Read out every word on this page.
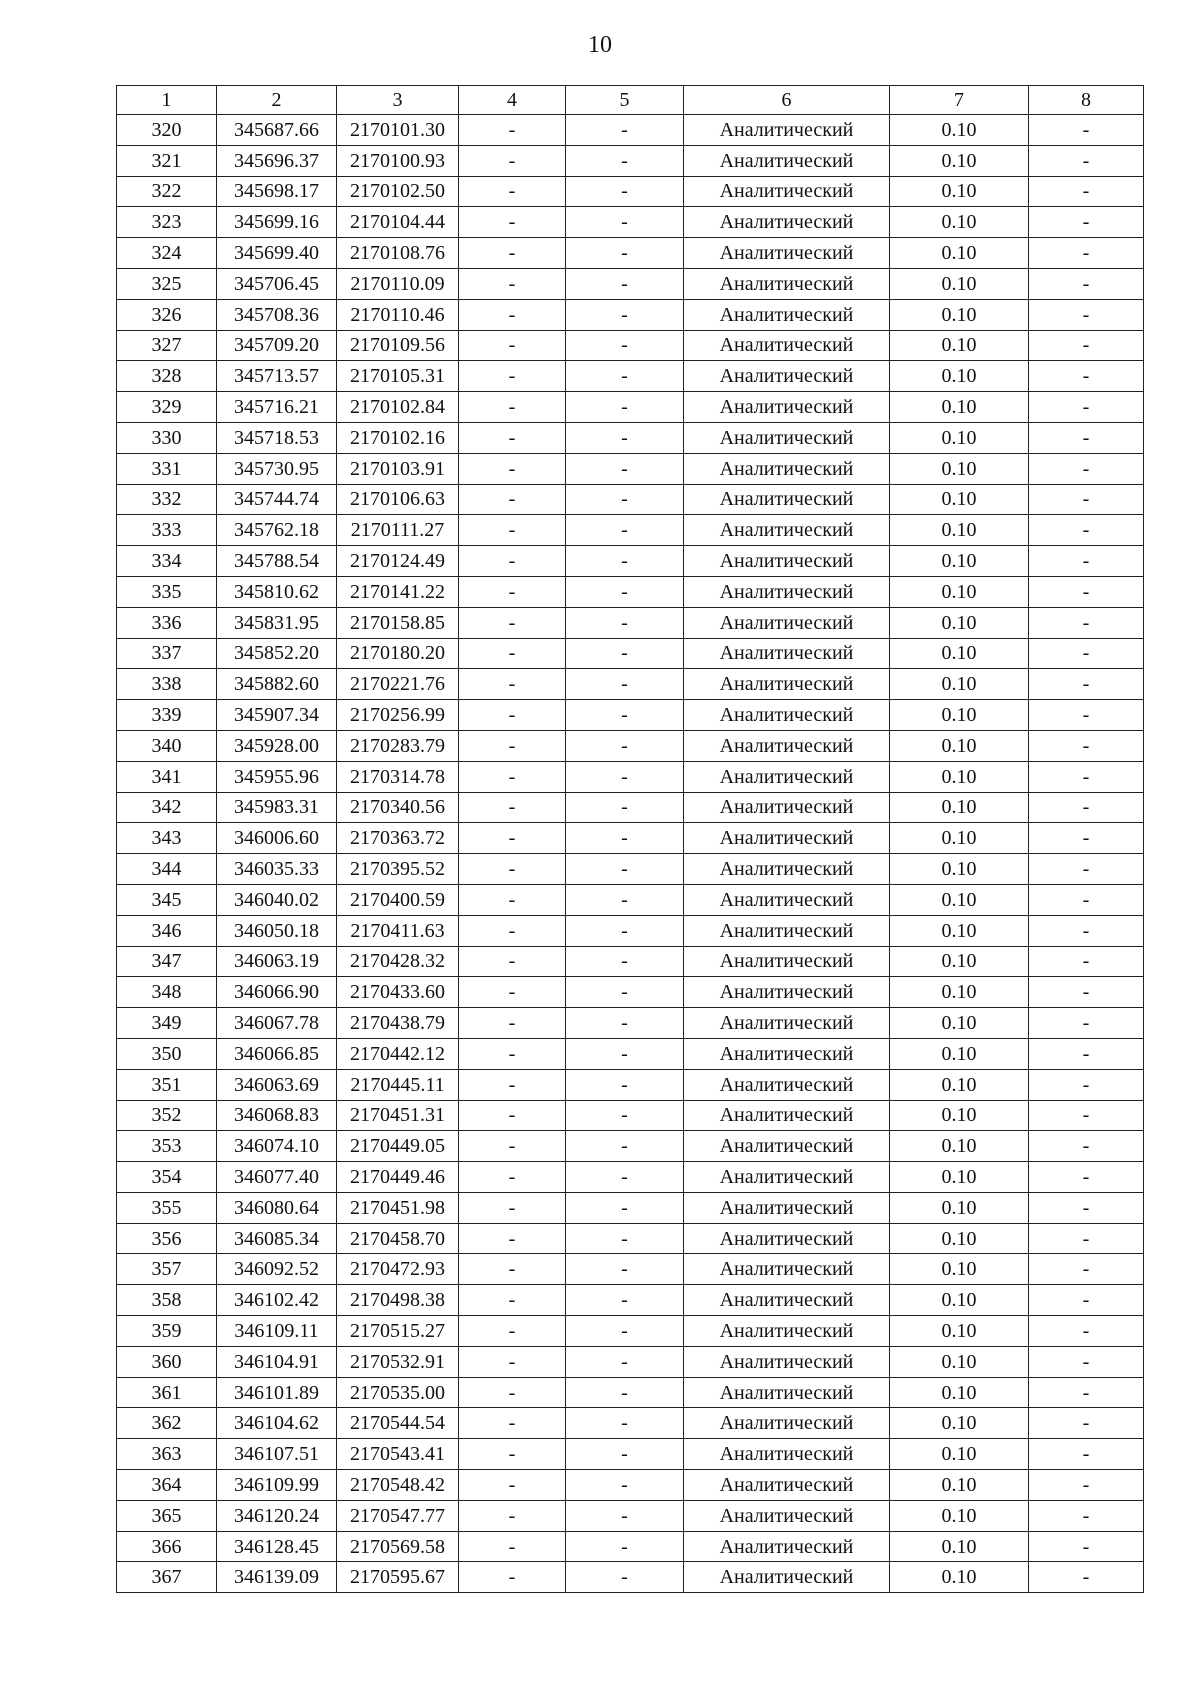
10
1	2	3	4	5	6	7	8
320	345687.66	2170101.30	-	-	Аналитический	0.10	-
321	345696.37	2170100.93	-	-	Аналитический	0.10	-
322	345698.17	2170102.50	-	-	Аналитический	0.10	-
323	345699.16	2170104.44	-	-	Аналитический	0.10	-
324	345699.40	2170108.76	-	-	Аналитический	0.10	-
325	345706.45	2170110.09	-	-	Аналитический	0.10	-
326	345708.36	2170110.46	-	-	Аналитический	0.10	-
327	345709.20	2170109.56	-	-	Аналитический	0.10	-
328	345713.57	2170105.31	-	-	Аналитический	0.10	-
329	345716.21	2170102.84	-	-	Аналитический	0.10	-
330	345718.53	2170102.16	-	-	Аналитический	0.10	-
331	345730.95	2170103.91	-	-	Аналитический	0.10	-
332	345744.74	2170106.63	-	-	Аналитический	0.10	-
333	345762.18	2170111.27	-	-	Аналитический	0.10	-
334	345788.54	2170124.49	-	-	Аналитический	0.10	-
335	345810.62	2170141.22	-	-	Аналитический	0.10	-
336	345831.95	2170158.85	-	-	Аналитический	0.10	-
337	345852.20	2170180.20	-	-	Аналитический	0.10	-
338	345882.60	2170221.76	-	-	Аналитический	0.10	-
339	345907.34	2170256.99	-	-	Аналитический	0.10	-
340	345928.00	2170283.79	-	-	Аналитический	0.10	-
341	345955.96	2170314.78	-	-	Аналитический	0.10	-
342	345983.31	2170340.56	-	-	Аналитический	0.10	-
343	346006.60	2170363.72	-	-	Аналитический	0.10	-
344	346035.33	2170395.52	-	-	Аналитический	0.10	-
345	346040.02	2170400.59	-	-	Аналитический	0.10	-
346	346050.18	2170411.63	-	-	Аналитический	0.10	-
347	346063.19	2170428.32	-	-	Аналитический	0.10	-
348	346066.90	2170433.60	-	-	Аналитический	0.10	-
349	346067.78	2170438.79	-	-	Аналитический	0.10	-
350	346066.85	2170442.12	-	-	Аналитический	0.10	-
351	346063.69	2170445.11	-	-	Аналитический	0.10	-
352	346068.83	2170451.31	-	-	Аналитический	0.10	-
353	346074.10	2170449.05	-	-	Аналитический	0.10	-
354	346077.40	2170449.46	-	-	Аналитический	0.10	-
355	346080.64	2170451.98	-	-	Аналитический	0.10	-
356	346085.34	2170458.70	-	-	Аналитический	0.10	-
357	346092.52	2170472.93	-	-	Аналитический	0.10	-
358	346102.42	2170498.38	-	-	Аналитический	0.10	-
359	346109.11	2170515.27	-	-	Аналитический	0.10	-
360	346104.91	2170532.91	-	-	Аналитический	0.10	-
361	346101.89	2170535.00	-	-	Аналитический	0.10	-
362	346104.62	2170544.54	-	-	Аналитический	0.10	-
363	346107.51	2170543.41	-	-	Аналитический	0.10	-
364	346109.99	2170548.42	-	-	Аналитический	0.10	-
365	346120.24	2170547.77	-	-	Аналитический	0.10	-
366	346128.45	2170569.58	-	-	Аналитический	0.10	-
367	346139.09	2170595.67	-	-	Аналитический	0.10	-
